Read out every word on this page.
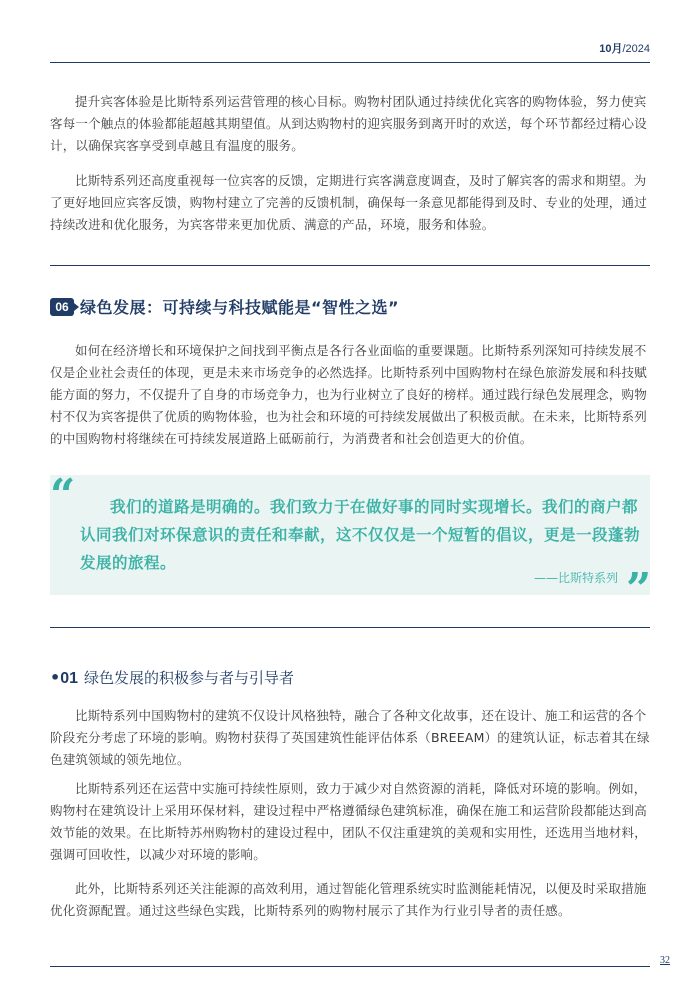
10月/2024

提升宾客体验是比斯特系列运营管理的核心目标。购物村团队通过持续优化宾客的购物体验，努力使宾客每一个触点的体验都能超越其期望值。从到达购物村的迎宾服务到离开时的欢送，每个环节都经过精心设计，以确保宾客享受到卓越且有温度的服务。

比斯特系列还高度重视每一位宾客的反馈，定期进行宾客满意度调查，及时了解宾客的需求和期望。为了更好地回应宾客反馈，购物村建立了完善的反馈机制，确保每一条意见都能得到及时、专业的处理，通过持续改进和优化服务，为宾客带来更加优质、满意的产品，环境，服务和体验。

06 绿色发展：可持续与科技赋能是“智性之选”

如何在经济增长和环境保护之间找到平衡点是各行各业面临的重要课题。比斯特系列深知可持续发展不仅是企业社会责任的体现，更是未来市场竞争的必然选择。比斯特系列中国购物村在绿色旅游发展和科技赋能方面的努力，不仅提升了自身的市场竞争力，也为行业树立了良好的榜样。通过践行绿色发展理念，购物村不仅为宾客提供了优质的购物体验，也为社会和环境的可持续发展做出了积极贡献。在未来，比斯特系列的中国购物村将继续在可持续发展道路上砥砺前行，为消费者和社会创造更大的价值。

“	我们的道路是明确的。我们致力于在做好事的同时实现增长。我们的商户都认同我们对环保意识的责任和奉献，这不仅仅是一个短暂的倡议，更是一段蓬勃发展的旅程。

——比斯特系列 ”
•01 绿色发展的积极参与者与引导者

比斯特系列中国购物村的建筑不仅设计风格独特，融合了各种文化故事，还在设计、施工和运营的各个阶段充分考虑了环境的影响。购物村获得了英国建筑性能评估体系（BREEAM）的建筑认证，标志着其在绿色建筑领域的领先地位。

比斯特系列还在运营中实施可持续性原则，致力于减少对自然资源的消耗，降低对环境的影响。例如，购物村在建筑设计上采用环保材料，建设过程中严格遵循绿色建筑标准，确保在施工和运营阶段都能达到高效节能的效果。在比斯特苏州购物村的建设过程中，团队不仅注重建筑的美观和实用性，还选用当地材料，强调可回收性，以减少对环境的影响。

此外，比斯特系列还关注能源的高效利用，通过智能化管理系统实时监测能耗情况，以便及时采取措施优化资源配置。通过这些绿色实践，比斯特系列的购物村展示了其作为行业引导者的责任感。

32
